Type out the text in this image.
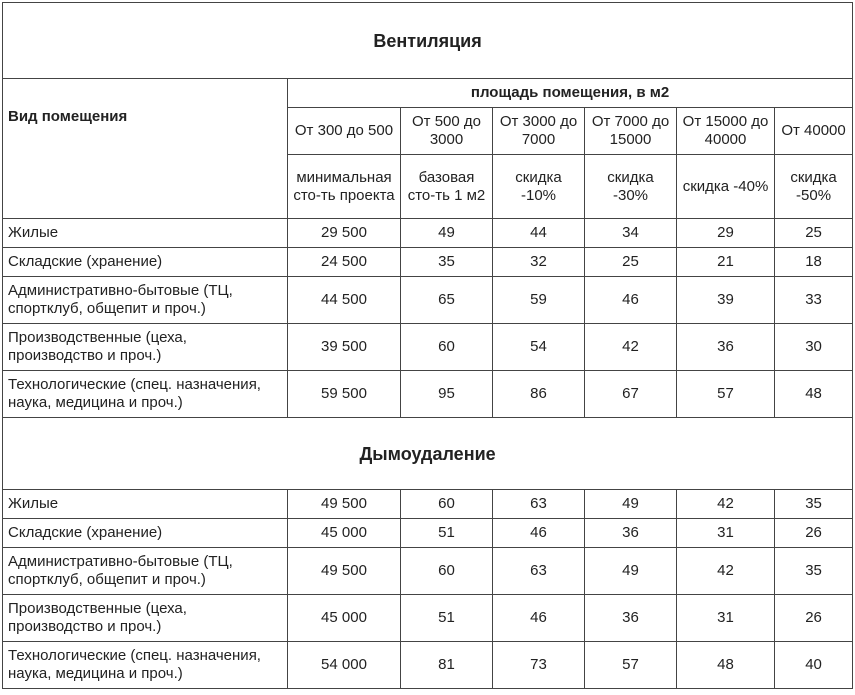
Вентиляция						

Вид помещения	площадь помещения, в м2					
	От 300 до 500	От 500 до 3000	От 3000 до 7000	От 7000 до 15000	От 15000 до 40000	От 40000
	минимальная сто-ть проекта	базовая сто-ть 1 м2	скидка -10%	скидка -30%	скидка -40%	скидка -50%
Жилые	29 500	49	44	34	29	25
Складские (хранение)	24 500	35	32	25	21	18
Административно-бытовые (ТЦ, спортклуб, общепит и проч.)	44 500	65	59	46	39	33
Производственные (цеха, производство и проч.)	39 500	60	54	42	36	30
Технологические (спец. назначения, наука, медицина и проч.)	59 500	95	86	67	57	48
Дымоудаление						
Жилые	49 500	60	63	49	42	35
Складские (хранение)	45 000	51	46	36	31	26
Административно-бытовые (ТЦ, спортклуб, общепит и проч.)	49 500	60	63	49	42	35
Производственные (цеха, производство и проч.)	45 000	51	46	36	31	26
Технологические (спец. назначения, наука, медицина и проч.)	54 000	81	73	57	48	40
